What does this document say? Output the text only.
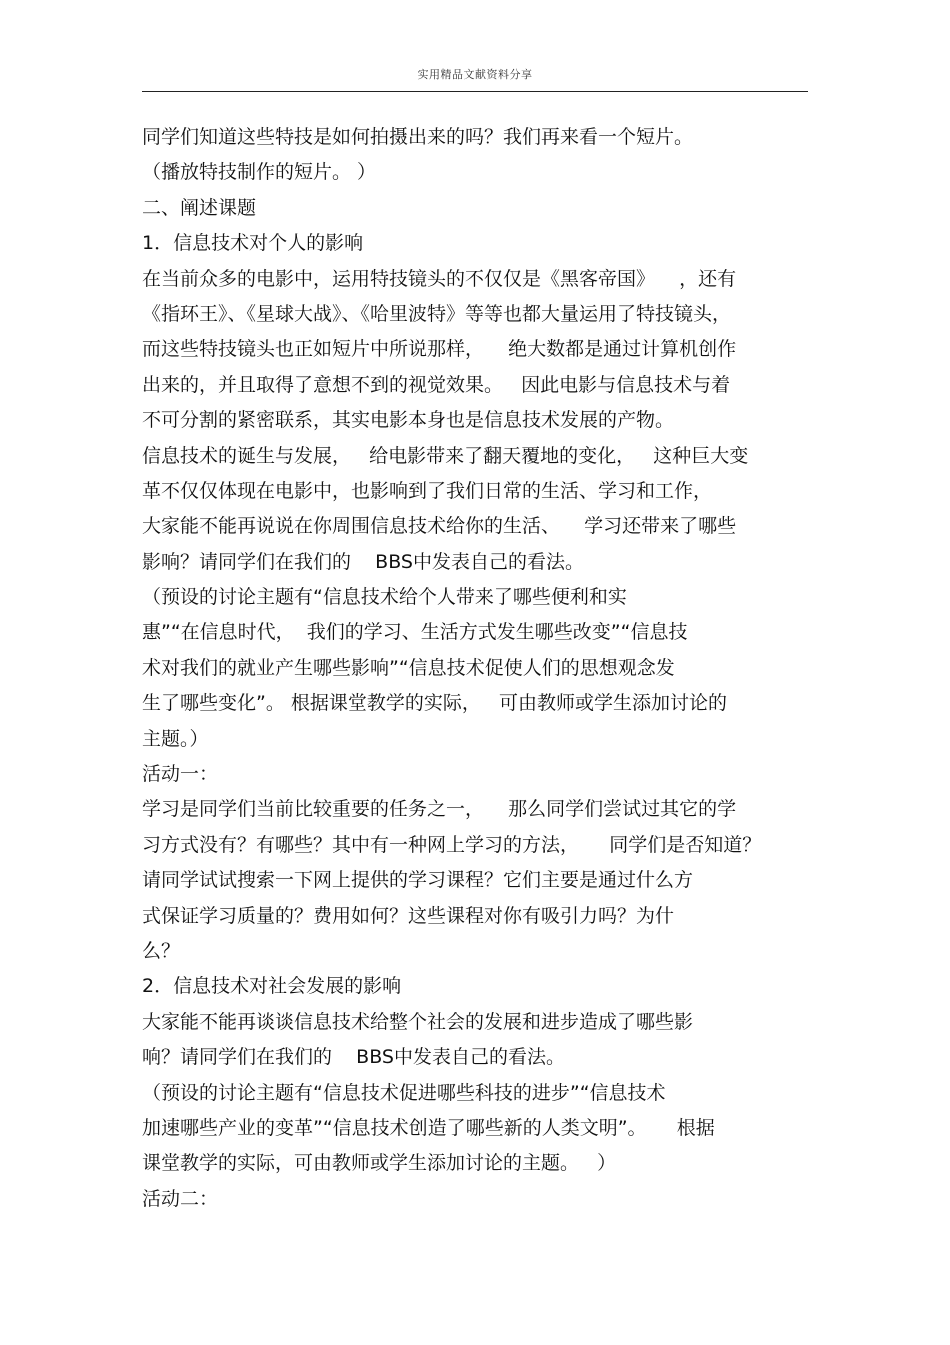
实用精品文献资料分享
同学们知道这些特技是如何拍摄出来的吗？我们再来看一个短片。
（播放特技制作的短片。 ）
二、阐述课题
1．信息技术对个人的影响
在当前众多的电影中，运用特技镜头的不仅仅是《黑客帝国》    ，还有
《指环王》、《星球大战》、《哈里波特》等等也都大量运用了特技镜头，
而这些特技镜头也正如短片中所说那样，    绝大数都是通过计算机创作
出来的，并且取得了意想不到的视觉效果。   因此电影与信息技术与着
不可分割的紧密联系，其实电影本身也是信息技术发展的产物。
信息技术的诞生与发展，   给电影带来了翻天覆地的变化，   这种巨大变
革不仅仅体现在电影中，也影响到了我们日常的生活、学习和工作，
大家能不能再说说在你周围信息技术给你的生活、    学习还带来了哪些
影响？请同学们在我们的    BBS中发表自己的看法。
（预设的讨论主题有“信息技术给个人带来了哪些便利和实
惠”“在信息时代，  我们的学习、生活方式发生哪些改变”“信息技
术对我们的就业产生哪些影响”“信息技术促使人们的思想观念发
生了哪些变化”。 根据课堂教学的实际，   可由教师或学生添加讨论的
主题。）
活动一：
学习是同学们当前比较重要的任务之一，    那么同学们尝试过其它的学
习方式没有？有哪些？其中有一种网上学习的方法，     同学们是否知道？
请同学试试搜索一下网上提供的学习课程？它们主要是通过什么方
式保证学习质量的？费用如何？这些课程对你有吸引力吗？为什
么？
2．信息技术对社会发展的影响
大家能不能再谈谈信息技术给整个社会的发展和进步造成了哪些影
响？请同学们在我们的    BBS中发表自己的看法。
（预设的讨论主题有“信息技术促进哪些科技的进步”“信息技术
加速哪些产业的变革”“信息技术创造了哪些新的人类文明”。     根据
课堂教学的实际，可由教师或学生添加讨论的主题。   ）
活动二：
